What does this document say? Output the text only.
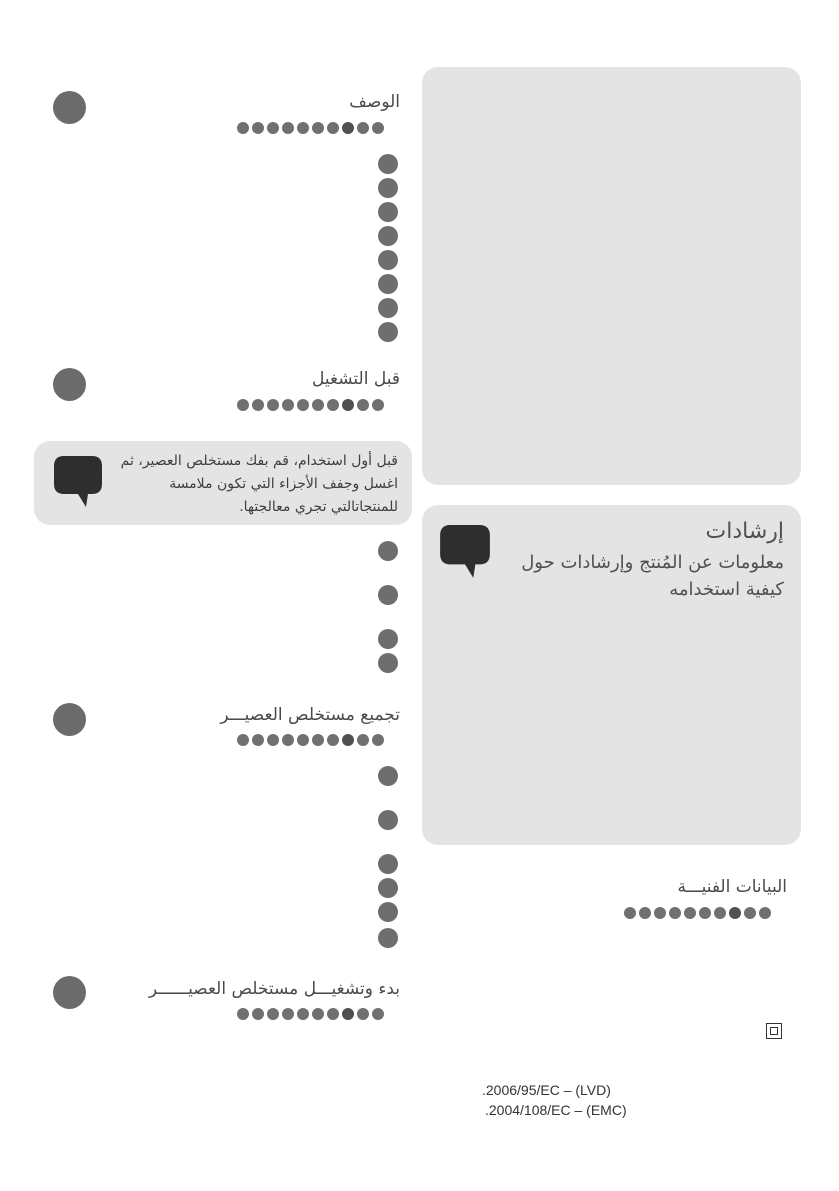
الوصف
قبل التشغيل
قبل أول استخدام، قم بفك مستخلص العصير، ثم اغسل وجفف الأجزاء التي تكون ملامسة للمنتجاتالتي تجري معالجتها.
تجميع مستخلص العصيـــر
بدء وتشغيـــل مستخلص العصيــــــر
إرشادات
معلومات عن المُنتج وإرشادات حول كيفية استخدامه
البيانات الفنيـــة
.2006/95/EC – (LVD)
.2004/108/EC – (EMC)
